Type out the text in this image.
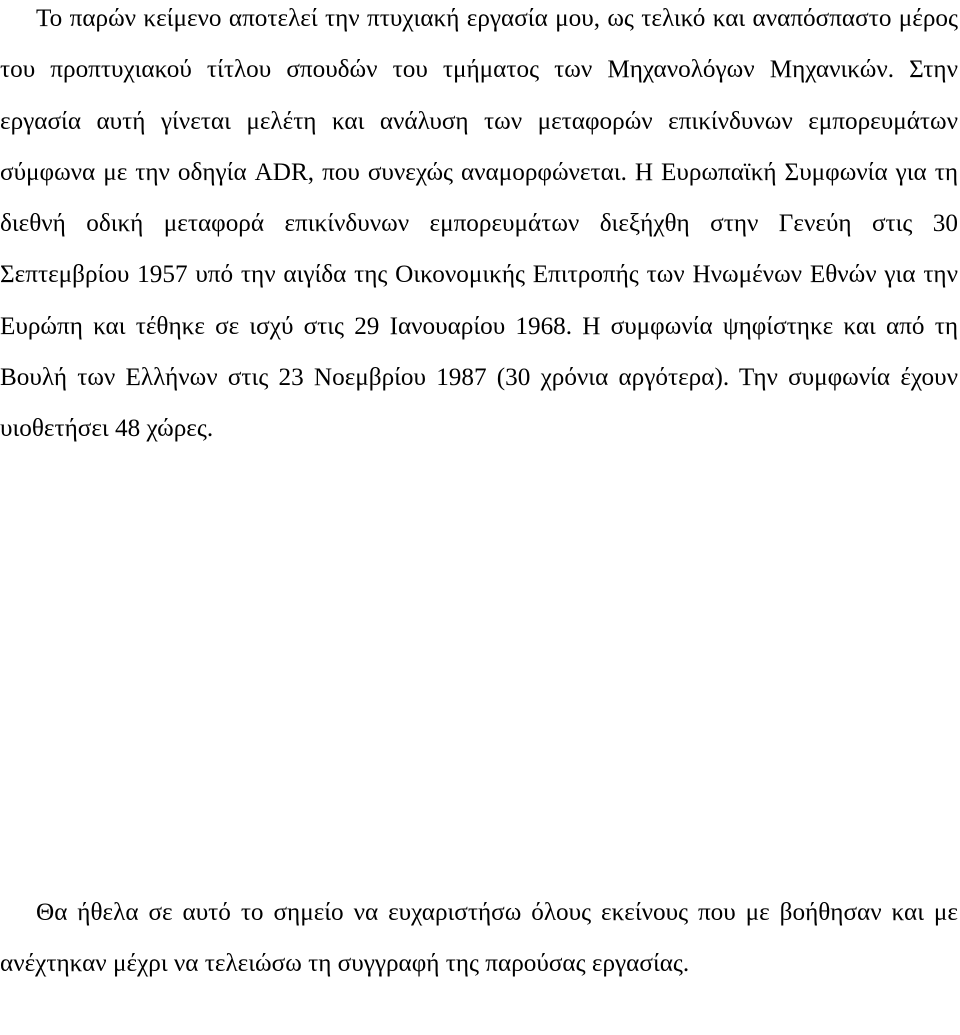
Το παρών κείμενο αποτελεί την πτυχιακή εργασία μου, ως τελικό και αναπόσπαστο μέρος του προπτυχιακού τίτλου σπουδών του τμήματος των Μηχανολόγων Μηχανικών. Στην εργασία αυτή γίνεται μελέτη και ανάλυση των μεταφορών επικίνδυνων εμπορευμάτων σύμφωνα με την οδηγία ADR, που συνεχώς αναμορφώνεται. Η Ευρωπαϊκή Συμφωνία για τη διεθνή οδική μεταφορά επικίνδυνων εμπορευμάτων διεξήχθη στην Γενεύη στις 30 Σεπτεμβρίου 1957 υπό την αιγίδα της Οικονομικής Επιτροπής των Ηνωμένων Εθνών για την Ευρώπη και τέθηκε σε ισχύ στις 29 Ιανουαρίου 1968. Η συμφωνία ψηφίστηκε και από τη Βουλή των Ελλήνων στις 23 Νοεμβρίου 1987 (30 χρόνια αργότερα). Την συμφωνία έχουν υιοθετήσει 48 χώρες.

Θα ήθελα σε αυτό το σημείο να ευχαριστήσω όλους εκείνους που με βοήθησαν και με ανέχτηκαν μέχρι να τελειώσω τη συγγραφή της παρούσας εργασίας.
